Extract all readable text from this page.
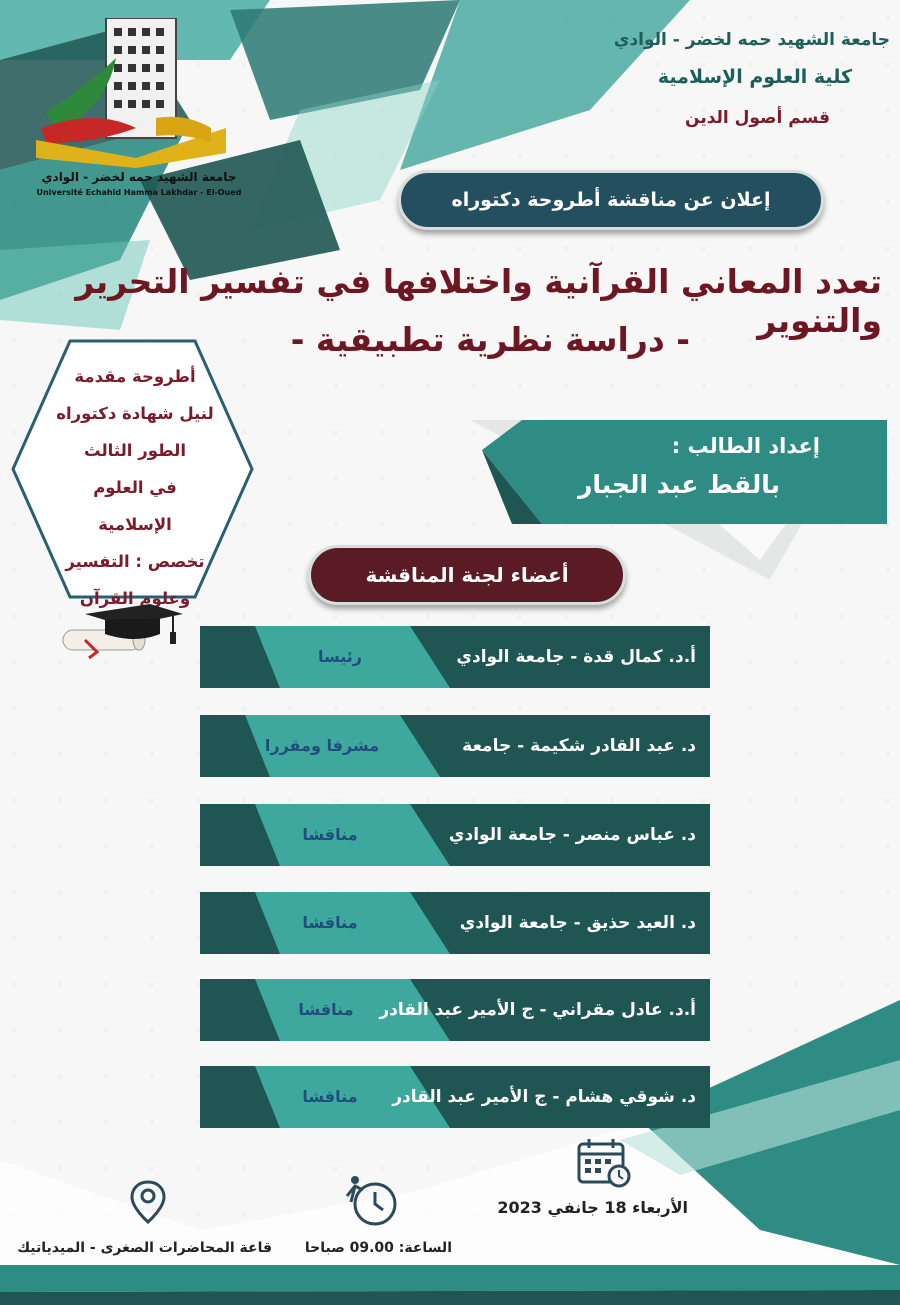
جامعة الشهيد حمه لخضر - الوادي
Université Echahid Hamma Lakhdar - El-Oued
جامعة الشهيد حمه لخضر - الوادي
كلية العلوم الإسلامية
قسم أصول الدين
إعلان عن مناقشة أطروحة دكتوراه
تعدد المعاني القرآنية واختلافها في تفسير التحرير والتنوير
- دراسة نظرية تطبيقية -
أطروحة مقدمة
لنيل شهادة دكتوراه
الطور الثالث
في العلوم الإسلامية
تخصص : التفسير
وعلوم القرآن
إعداد الطالب :
بالقط عبد الجبار
أعضاء لجنة المناقشة
أ.د. كمال قدة - جامعة الوادي
رئيسا
د. عبد القادر شكيمة - جامعة
مشرفا ومقررا
د. عباس منصر - جامعة الوادي
مناقشا
د. العيد حذيق - جامعة الوادي
مناقشا
أ.د. عادل مقراني - ج الأمير عبد القادر
مناقشا
د. شوقي هشام - ج الأمير عبد القادر
مناقشا
الأربعاء 18 جانفي 2023
الساعة: 09.00 صباحا
قاعة المحاضرات الصغرى - الميدياتيك
